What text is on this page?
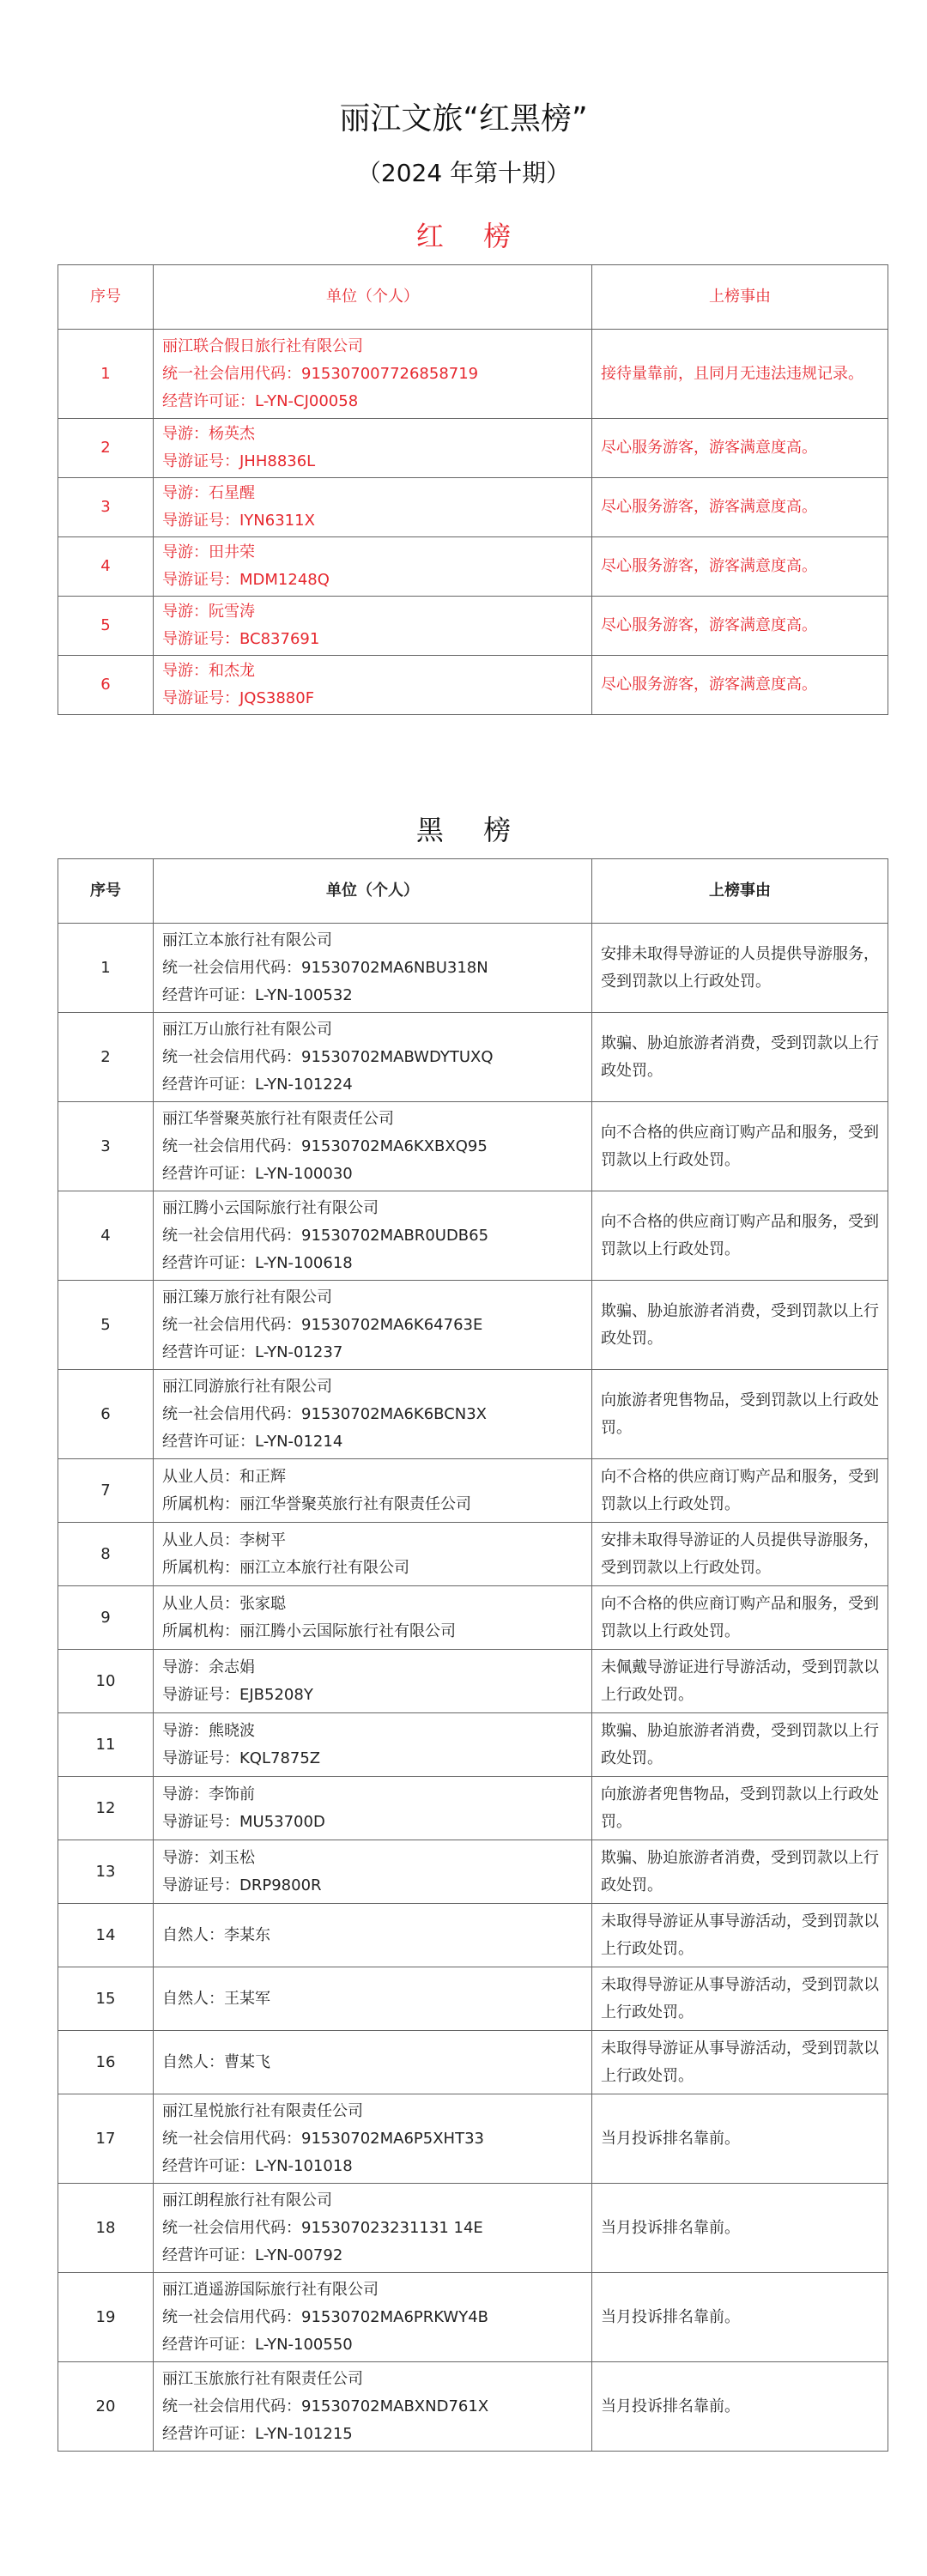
丽江文旅“红黑榜”
（2024 年第十期）
红 榜
序号	单位（个人）	上榜事由
1	丽江联合假日旅行社有限公司
统一社会信用代码：915307007726858719
经营许可证：L-YN-CJ00058	接待量靠前，且同月无违法违规记录。
2	导游：杨英杰
导游证号：JHH8836L	尽心服务游客，游客满意度高。
3	导游：石星醒
导游证号：IYN6311X	尽心服务游客，游客满意度高。
4	导游：田井荣
导游证号：MDM1248Q	尽心服务游客，游客满意度高。
5	导游：阮雪涛
导游证号：BC837691	尽心服务游客，游客满意度高。
6	导游：和杰龙
导游证号：JQS3880F	尽心服务游客，游客满意度高。
黑 榜
序号	单位（个人）	上榜事由
1	丽江立本旅行社有限公司
统一社会信用代码：91530702MA6NBU318N
经营许可证：L-YN-100532	安排未取得导游证的人员提供导游服务，受到罚款以上行政处罚。
2	丽江万山旅行社有限公司
统一社会信用代码：91530702MABWDYTUXQ
经营许可证：L-YN-101224	欺骗、胁迫旅游者消费，受到罚款以上行政处罚。
3	丽江华誉聚英旅行社有限责任公司
统一社会信用代码：91530702MA6KXBXQ95
经营许可证：L-YN-100030	向不合格的供应商订购产品和服务，受到罚款以上行政处罚。
4	丽江腾小云国际旅行社有限公司
统一社会信用代码：91530702MABR0UDB65
经营许可证：L-YN-100618	向不合格的供应商订购产品和服务，受到罚款以上行政处罚。
5	丽江臻万旅行社有限公司
统一社会信用代码：91530702MA6K64763E
经营许可证：L-YN-01237	欺骗、胁迫旅游者消费，受到罚款以上行政处罚。
6	丽江同游旅行社有限公司
统一社会信用代码：91530702MA6K6BCN3X
经营许可证：L-YN-01214	向旅游者兜售物品，受到罚款以上行政处罚。
7	从业人员：和正辉
所属机构：丽江华誉聚英旅行社有限责任公司	向不合格的供应商订购产品和服务，受到罚款以上行政处罚。
8	从业人员：李树平
所属机构：丽江立本旅行社有限公司	安排未取得导游证的人员提供导游服务，受到罚款以上行政处罚。
9	从业人员：张家聪
所属机构：丽江腾小云国际旅行社有限公司	向不合格的供应商订购产品和服务，受到罚款以上行政处罚。
10	导游：余志娟
导游证号：EJB5208Y	未佩戴导游证进行导游活动，受到罚款以上行政处罚。
11	导游：熊晓波
导游证号：KQL7875Z	欺骗、胁迫旅游者消费，受到罚款以上行政处罚。
12	导游：李饰前
导游证号：MU53700D	向旅游者兜售物品，受到罚款以上行政处罚。
13	导游：刘玉松
导游证号：DRP9800R	欺骗、胁迫旅游者消费，受到罚款以上行政处罚。
14	自然人：李某东	未取得导游证从事导游活动，受到罚款以上行政处罚。
15	自然人：王某军	未取得导游证从事导游活动，受到罚款以上行政处罚。
16	自然人：曹某飞	未取得导游证从事导游活动，受到罚款以上行政处罚。
17	丽江星悦旅行社有限责任公司
统一社会信用代码：91530702MA6P5XHT33
经营许可证：L-YN-101018	当月投诉排名靠前。
18	丽江朗程旅行社有限公司
统一社会信用代码：915307023231131 14E
经营许可证：L-YN-00792	当月投诉排名靠前。
19	丽江逍遥游国际旅行社有限公司
统一社会信用代码：91530702MA6PRKWY4B
经营许可证：L-YN-100550	当月投诉排名靠前。
20	丽江玉旅旅行社有限责任公司
统一社会信用代码：91530702MABXND761X
经营许可证：L-YN-101215	当月投诉排名靠前。
